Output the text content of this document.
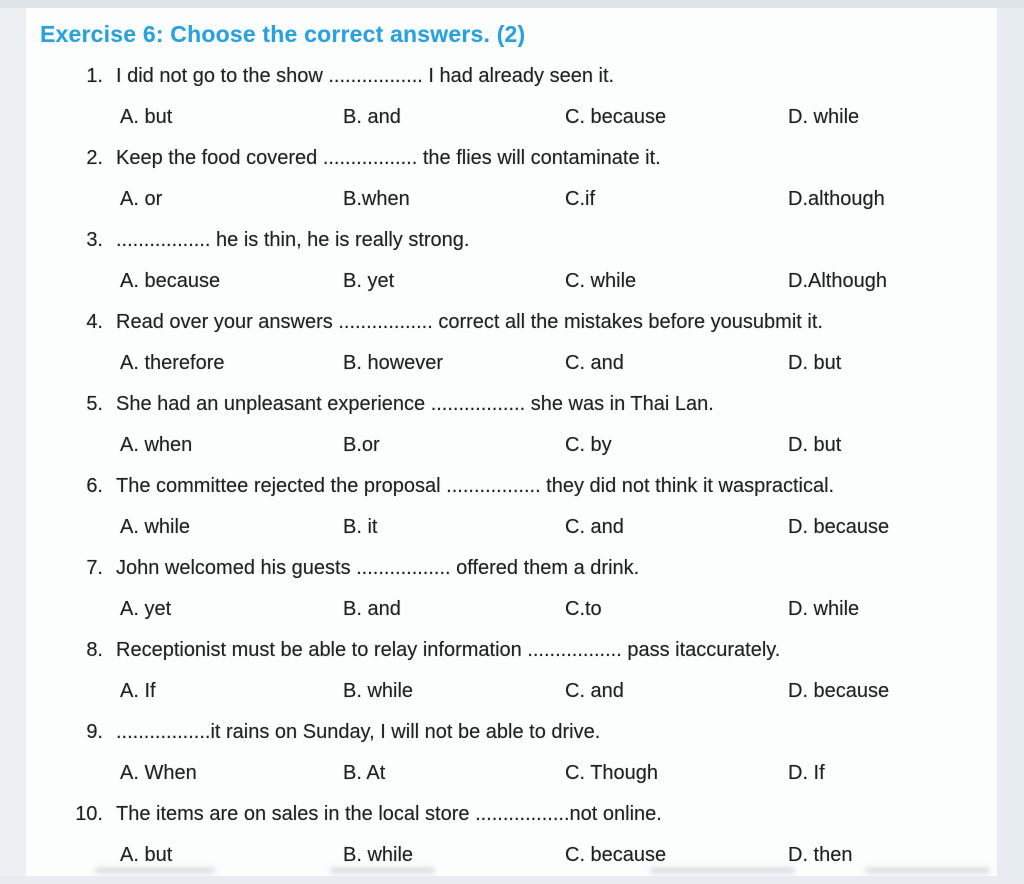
Exercise 6: Choose the correct answers. (2)
1. I did not go to the show ................. I had already seen it.
A. but	B. and	C. because	D. while
2. Keep the food covered ................. the flies will contaminate it.
A. or	B.when	C.if	D.although
3. ................. he is thin, he is really strong.
A. because	B. yet	C. while	D.Although
4. Read over your answers ................. correct all the mistakes before yousubmit it.
A. therefore	B. however	C. and	D. but
5. She had an unpleasant experience ................. she was in Thai Lan.
A. when	B.or	C. by	D. but
6. The committee rejected the proposal ................. they did not think it waspractical.
A. while	B. it	C. and	D. because
7. John welcomed his guests ................. offered them a drink.
A. yet	B. and	C.to	D. while
8. Receptionist must be able to relay information ................. pass itaccurately.
A. If	B. while	C. and	D. because
9. .................it rains on Sunday, I will not be able to drive.
A. When	B. At	C. Though	D. If
10. The items are on sales in the local store .................not online.
A. but	B. while	C. because	D. then
